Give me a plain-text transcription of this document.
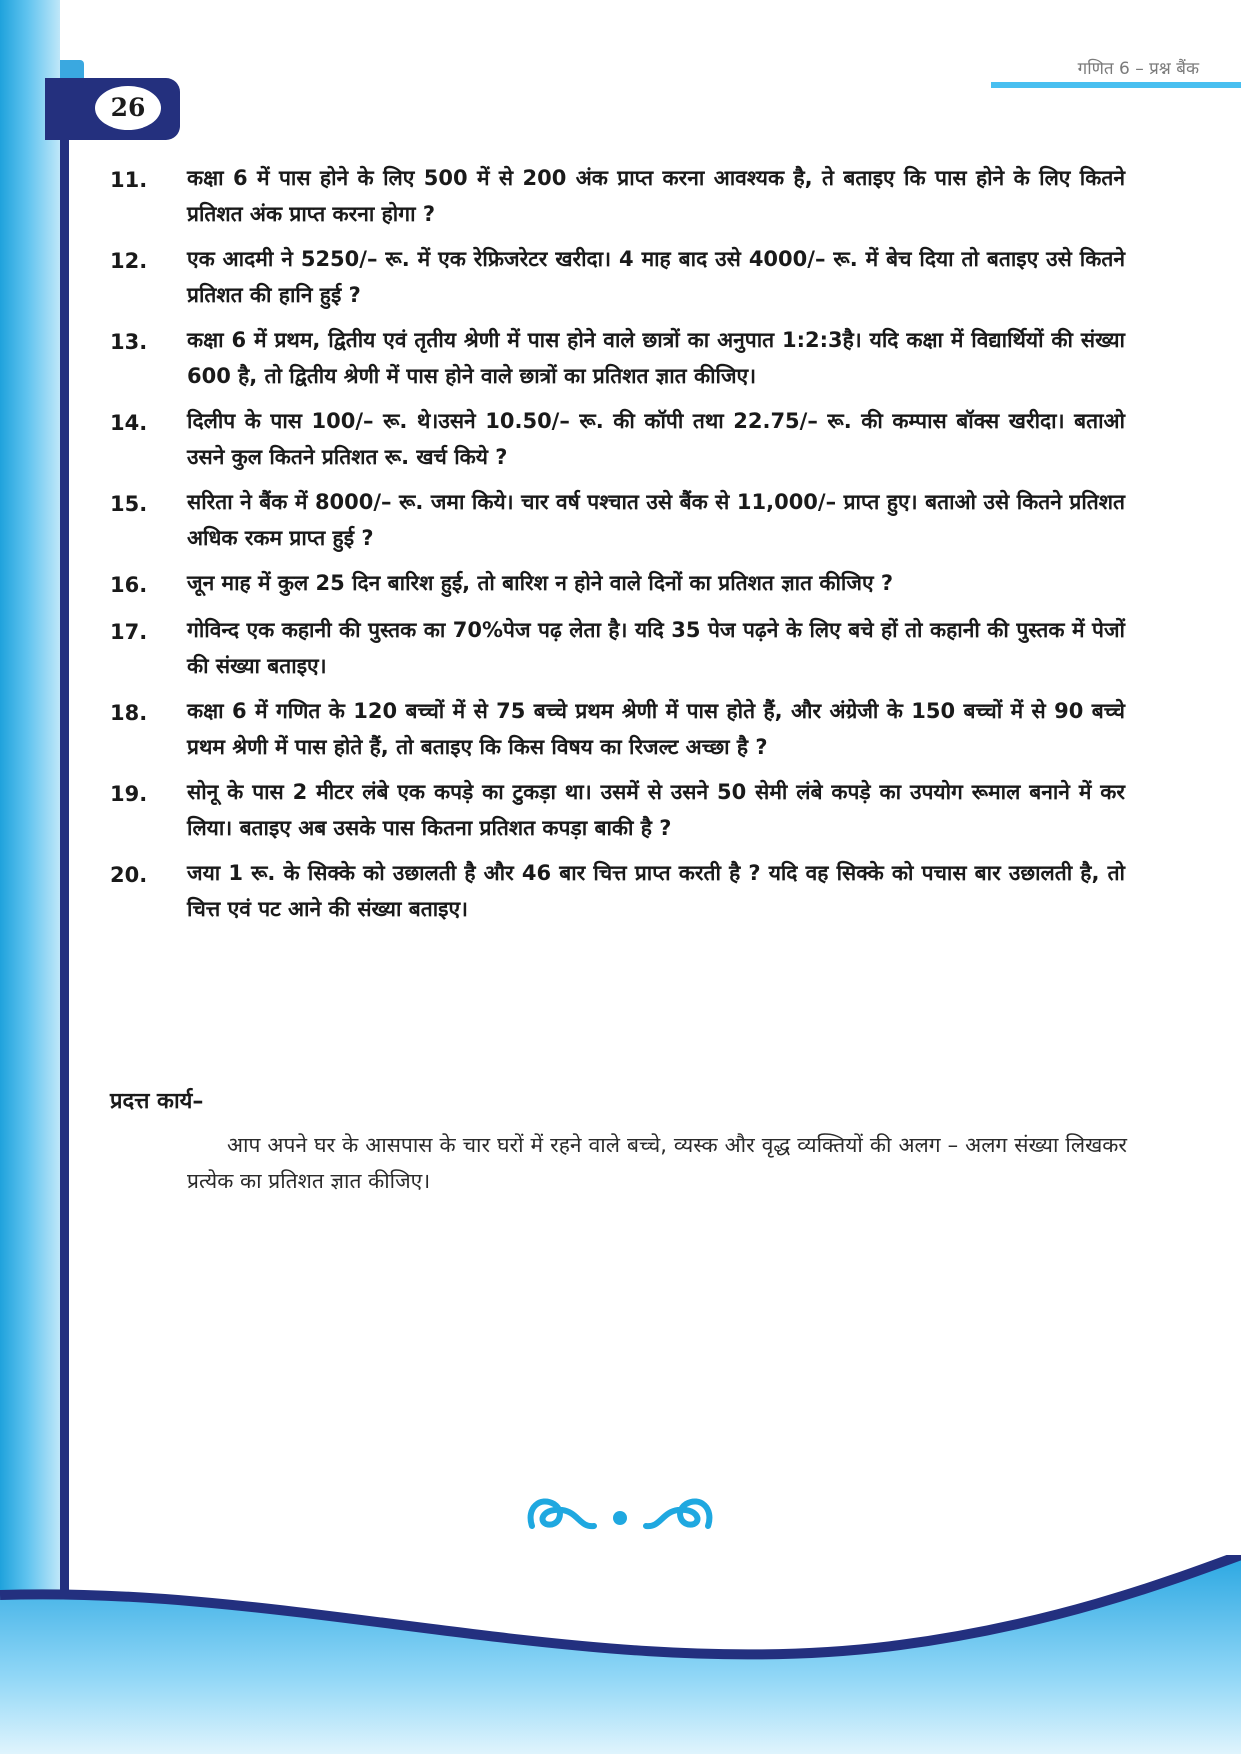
गणित 6 – प्रश्न बैंक
26
11.	कक्षा 6 में पास होने के लिए 500 में से 200 अंक प्राप्त करना आवश्यक है, ते बताइए कि पास होने के लिए कितने प्रतिशत अंक प्राप्त करना होगा ?
12.	एक आदमी ने 5250/– रू. में एक रेफ्रिजरेटर खरीदा। 4 माह बाद उसे 4000/– रू. में बेच दिया तो बताइए उसे कितने प्रतिशत की हानि हुई ?
13.	कक्षा 6 में प्रथम, द्वितीय एवं तृतीय श्रेणी में पास होने वाले छात्रों का अनुपात 1:2:3है। यदि कक्षा में विद्यार्थियों की संख्या 600 है, तो द्वितीय श्रेणी में पास होने वाले छात्रों का प्रतिशत ज्ञात कीजिए।
14.	दिलीप के पास 100/– रू. थे।उसने 10.50/– रू. की कॉपी तथा 22.75/– रू. की कम्पास बॉक्स खरीदा। बताओ उसने कुल कितने प्रतिशत रू. खर्च किये ?
15.	सरिता ने बैंक में 8000/– रू. जमा किये। चार वर्ष पश्चात उसे बैंक से 11,000/– प्राप्त हुए। बताओ उसे कितने प्रतिशत अधिक रकम प्राप्त हुई ?
16.	जून माह में कुल 25 दिन बारिश हुई, तो बारिश न होने वाले दिनों का प्रतिशत ज्ञात कीजिए ?
17.	गोविन्द एक कहानी की पुस्तक का 70%पेज पढ़ लेता है। यदि 35 पेज पढ़ने के लिए बचे हों तो कहानी की पुस्तक में पेजों की संख्या बताइए।
18.	कक्षा 6 में गणित के 120 बच्चों में से 75 बच्चे प्रथम श्रेणी में पास होते हैं, और अंग्रेजी के 150 बच्चों में से 90 बच्चे प्रथम श्रेणी में पास होते हैं, तो बताइए कि किस विषय का रिजल्ट अच्छा है ?
19.	सोनू के पास 2 मीटर लंबे एक कपड़े का टुकड़ा था। उसमें से उसने 50 सेमी लंबे कपड़े का उपयोग रूमाल बनाने में कर लिया। बताइए अब उसके पास कितना प्रतिशत कपड़ा बाकी है ?
20.	जया 1 रू. के सिक्के को उछालती है और 46 बार चित्त प्राप्त करती है ? यदि वह सिक्के को पचास बार उछालती है, तो चित्त एवं पट आने की संख्या बताइए।
प्रदत्त कार्य–
आप अपने घर के आसपास के चार घरों में रहने वाले बच्चे, व्यस्क और वृद्ध व्यक्तियों की अलग – अलग संख्या लिखकर प्रत्येक का प्रतिशत ज्ञात कीजिए।
